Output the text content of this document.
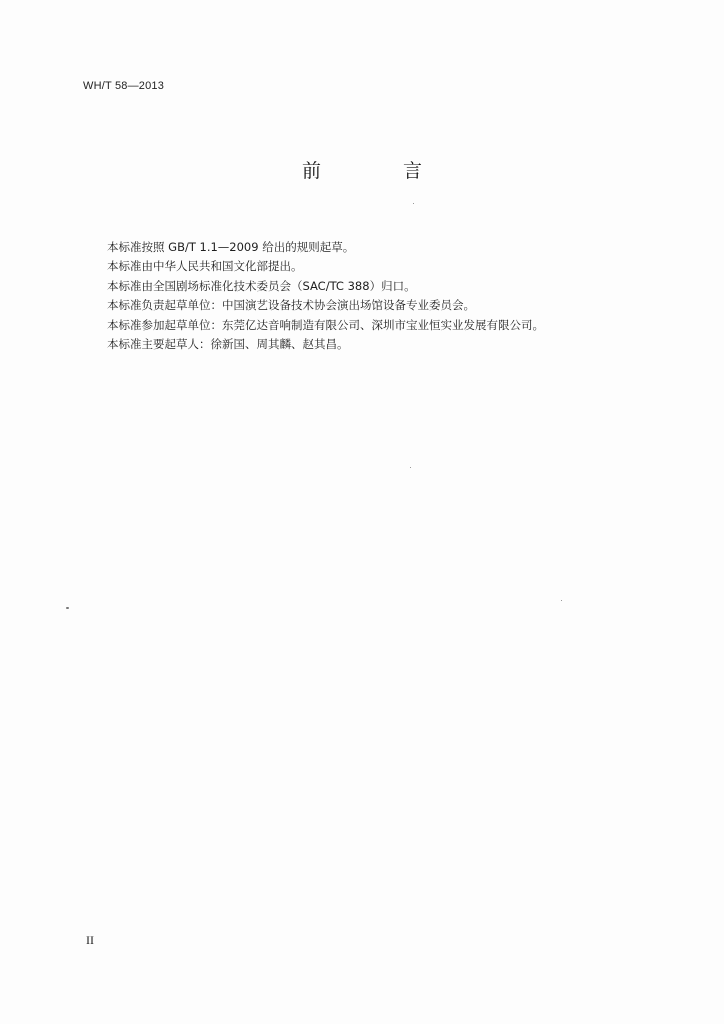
WH/T 58—2013
前 言

本标准按照 GB/T 1.1—2009 给出的规则起草。

本标准由中华人民共和国文化部提出。

本标准由全国剧场标准化技术委员会（SAC/TC 388）归口。

本标准负责起草单位：中国演艺设备技术协会演出场馆设备专业委员会。

本标准参加起草单位：东莞亿达音响制造有限公司、深圳市宝业恒实业发展有限公司。

本标准主要起草人：徐新国、周其麟、赵其昌。

II
